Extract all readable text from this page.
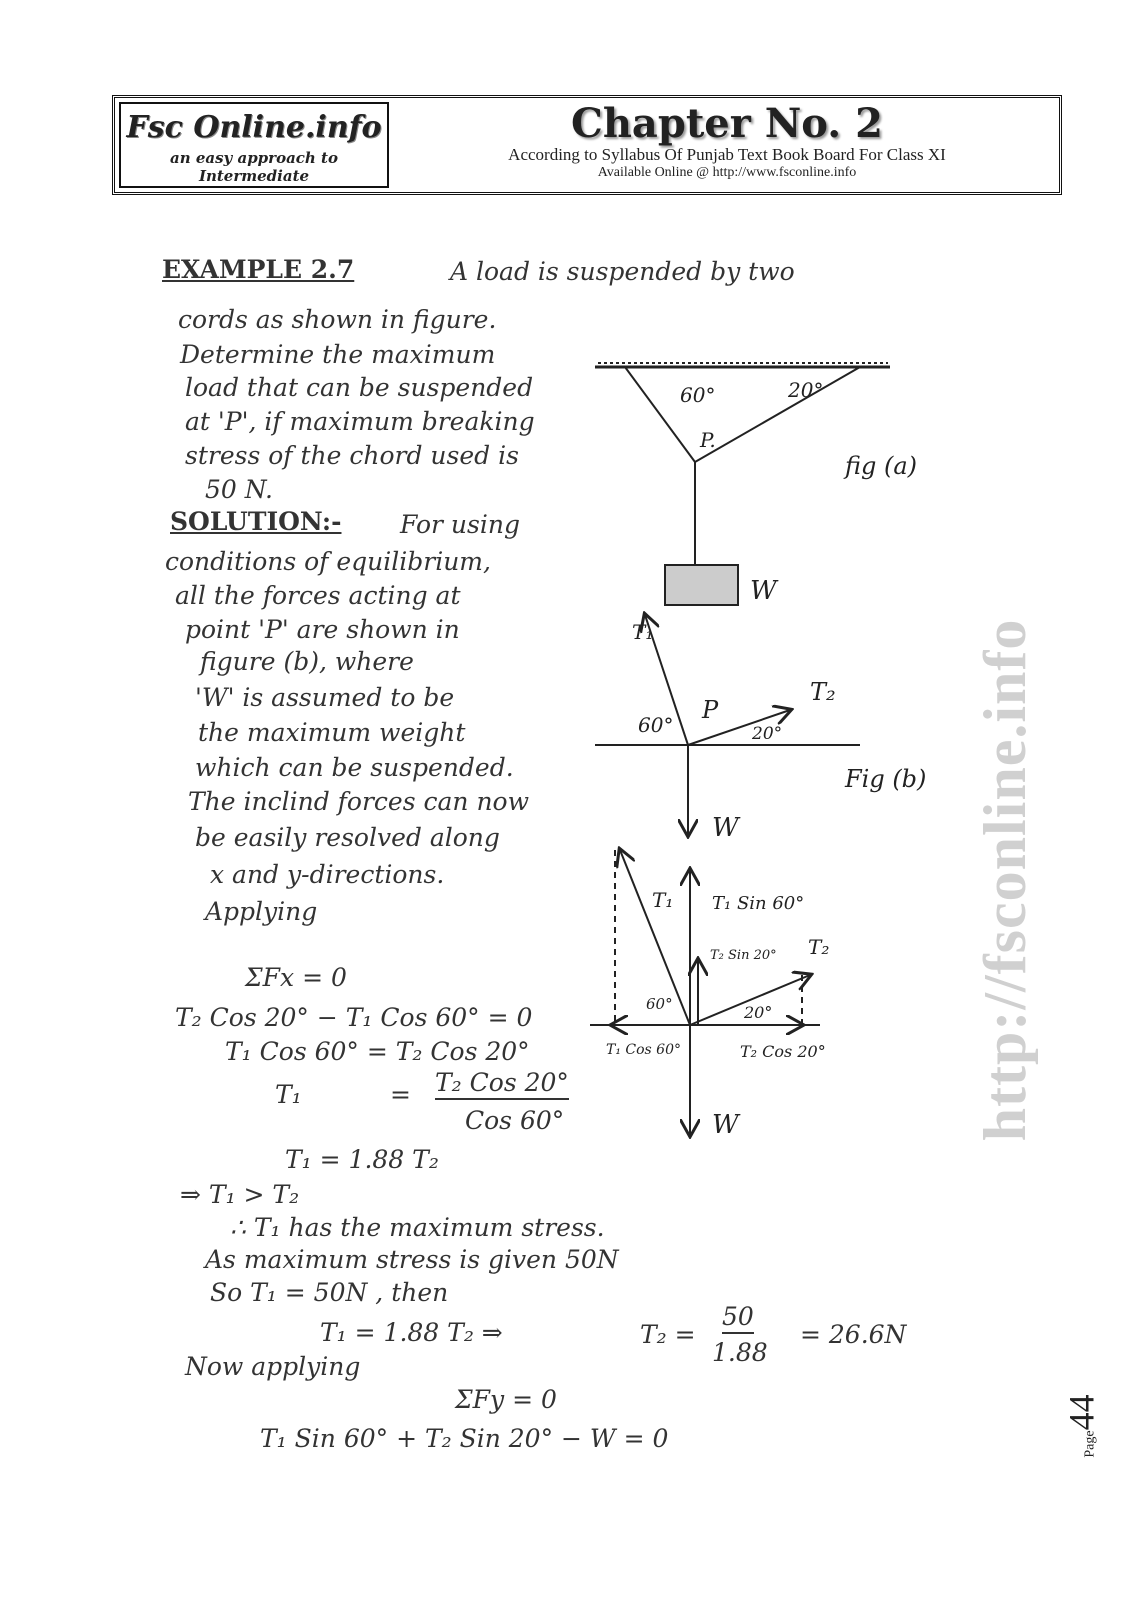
Fsc Online.info
an easy approach to Intermediate
Chapter No. 2
According to Syllabus Of Punjab Text Book Board For Class XI
Available Online @ http://www.fsconline.info
http://fsconline.info
EXAMPLE 2.7	A load is suspended by two
cords as shown in figure.
Determine the maximum
load that can be suspended
at 'P', if maximum breaking
stress of the chord used is
50 N.
SOLUTION:- For using
conditions of equilibrium,
all the forces acting at
point 'P' are shown in
figure (b), where
'W' is assumed to be
the maximum weight
which can be suspended.
The inclind forces can now
be easily resolved along
x and y-directions.
Applying
ΣFx = 0
T₂ Cos 20° − T₁ Cos 60° = 0
T₁ Cos 60° = T₂ Cos 20°
T₁	= T₂ Cos 20°
Cos 60°
T₁ = 1.88 T₂
⇒ T₁ > T₂
∴ T₁ has the maximum stress.
As maximum stress is given 50N
So T₁ = 50N , then
T₁ = 1.88 T₂ ⇒	T₂ =
50
1.88
= 26.6N
Now applying
ΣFy = 0
T₁ Sin 60° + T₂ Sin 20° − W = 0
60°	20°
P.
W
fig (a)
T₁
P
T₂
60°	20°
W
Fig (b)
T₁ T₁ Sin 60°
T₂ Sin 20° T₂
60°	20°
T₁ Cos 60°	T₂ Cos 20°
W
Page44
